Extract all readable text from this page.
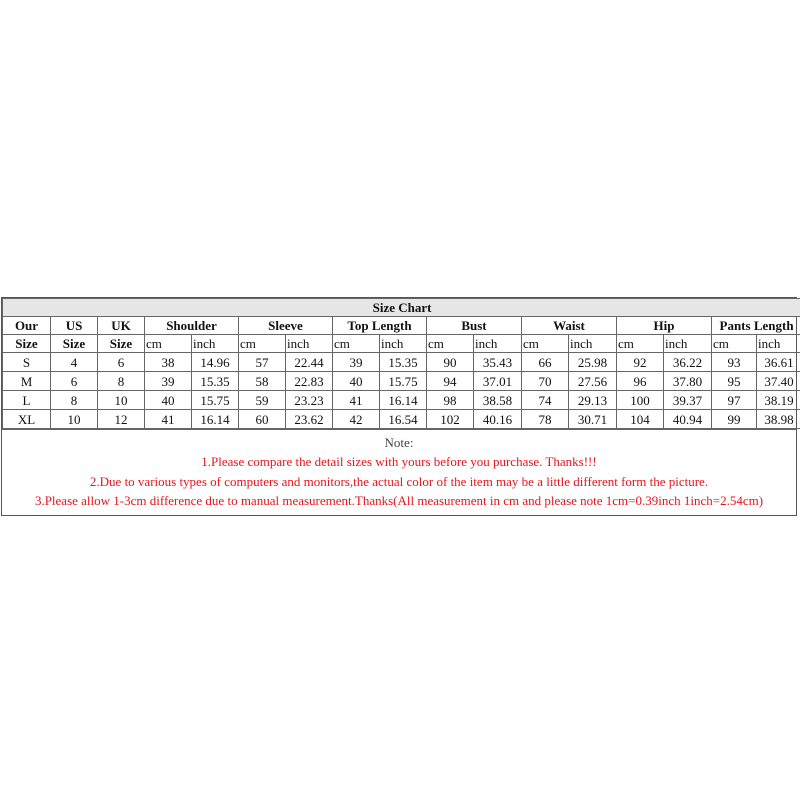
Size Chart																
Our	US	UK	Shoulder		Sleeve		Top Length		Bust		Waist		Hip		Pants Length	
Size	Size	Size	cm	inch	cm	inch	cm	inch	cm	inch	cm	inch	cm	inch	cm	inch
S	4	6	38	14.96	57	22.44	39	15.35	90	35.43	66	25.98	92	36.22	93	36.61
M	6	8	39	15.35	58	22.83	40	15.75	94	37.01	70	27.56	96	37.80	95	37.40
L	8	10	40	15.75	59	23.23	41	16.14	98	38.58	74	29.13	100	39.37	97	38.19
XL	10	12	41	16.14	60	23.62	42	16.54	102	40.16	78	30.71	104	40.94	99	38.98
Note:
1.Please compare the detail sizes with yours before you purchase. Thanks!!!
2.Due to various types of computers and monitors,the actual color of the item may be a little different form the picture.
3.Please allow 1-3cm difference due to manual measurement.Thanks(All measurement in cm and please note 1cm=0.39inch 1inch=2.54cm)
